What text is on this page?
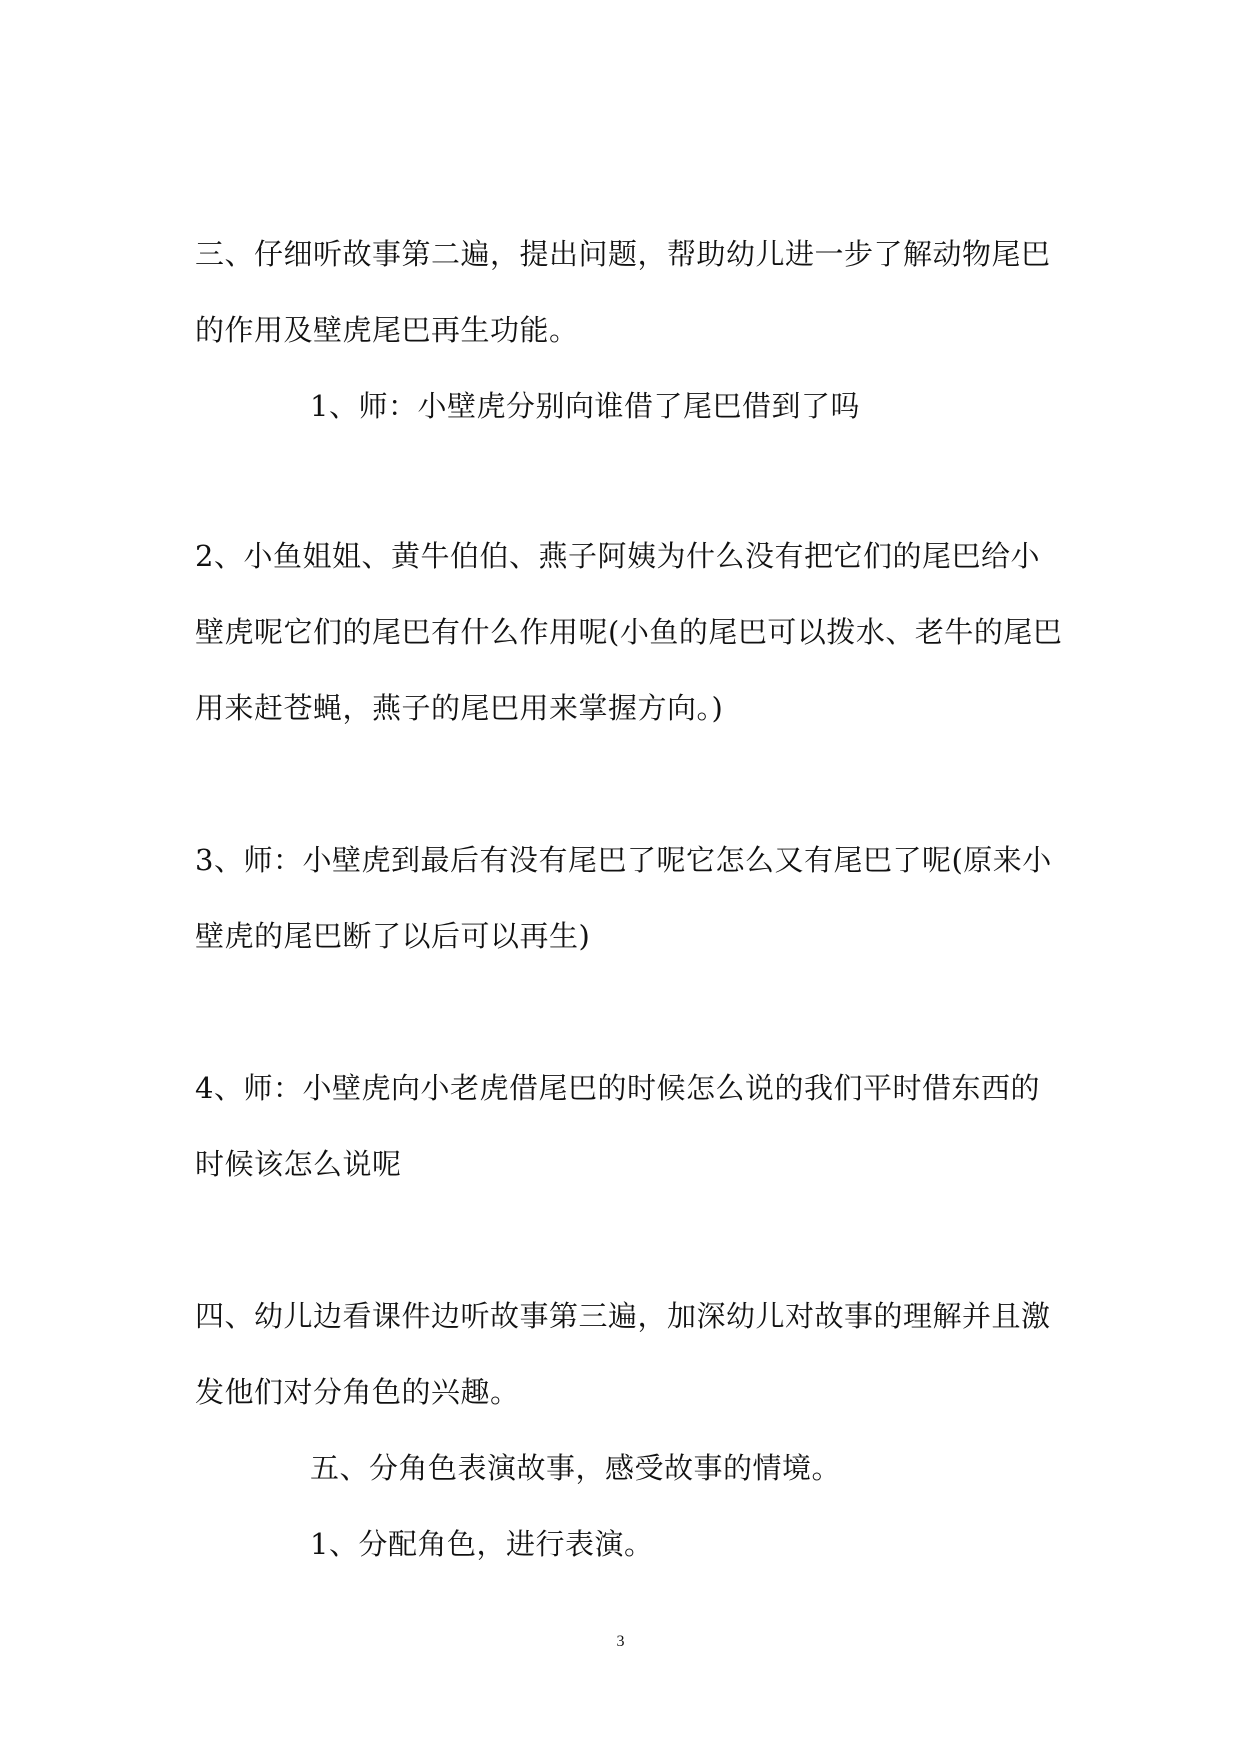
三、仔细听故事第二遍，提出问题，帮助幼儿进一步了解动物尾巴
的作用及壁虎尾巴再生功能。
1、师：小壁虎分别向谁借了尾巴借到了吗
2、小鱼姐姐、黄牛伯伯、燕子阿姨为什么没有把它们的尾巴给小
壁虎呢它们的尾巴有什么作用呢(小鱼的尾巴可以拨水、老牛的尾巴
用来赶苍蝇，燕子的尾巴用来掌握方向。)
3、师：小壁虎到最后有没有尾巴了呢它怎么又有尾巴了呢(原来小
壁虎的尾巴断了以后可以再生)
4、师：小壁虎向小老虎借尾巴的时候怎么说的我们平时借东西的
时候该怎么说呢
四、幼儿边看课件边听故事第三遍，加深幼儿对故事的理解并且激
发他们对分角色的兴趣。
五、分角色表演故事，感受故事的情境。
1、分配角色，进行表演。
3
